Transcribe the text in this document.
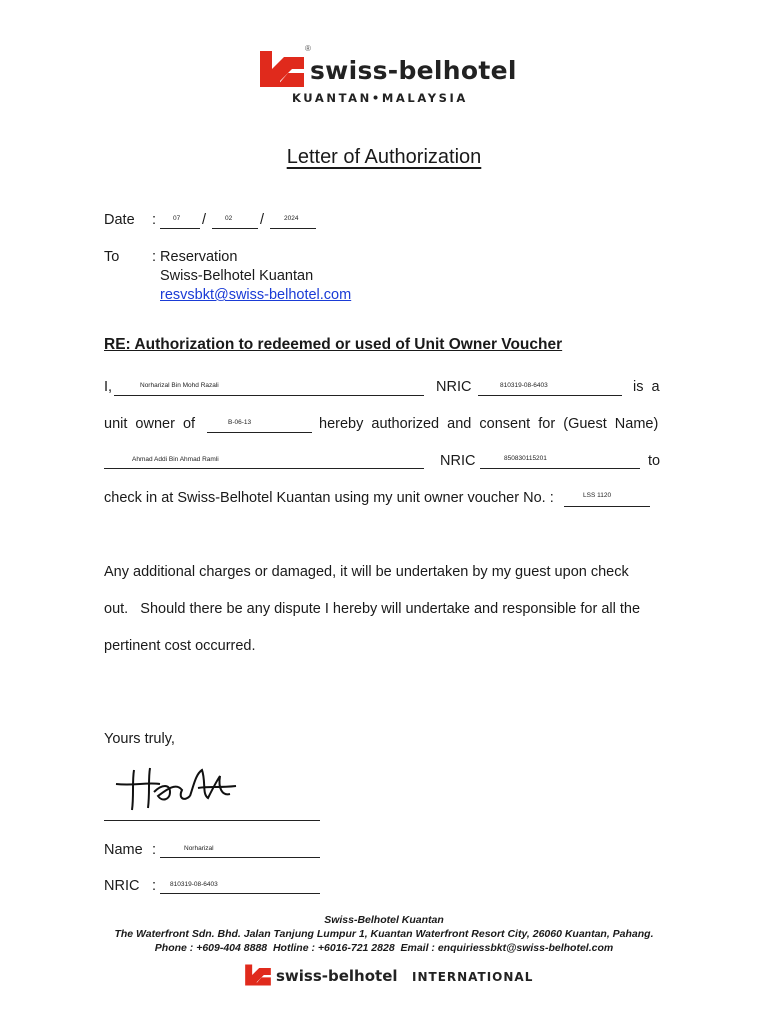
swiss-belhotel
®
KUANTAN•MALAYSIA
Letter of Authorization
Date :	07 /	02 /	2024
To : Reservation
Swiss-Belhotel Kuantan
resvsbkt@swiss-belhotel.com
RE: Authorization to redeemed or used of Unit Owner Voucher
I,	Norharizal Bin Mohd Razali	NRIC	810319-08-6403	is  a
unit  owner  of	B-06-13	hereby  authorized  and  consent  for  (Guest  Name)
Ahmad Addi Bin Ahmad Ramli	NRIC	850830115201	to
check in at Swiss-Belhotel Kuantan using my unit owner voucher No. :	LSS 1120
Any additional charges or damaged, it will be undertaken by my guest upon check
out.   Should there be any dispute I hereby will undertake and responsible for all the
pertinent cost occurred.
Yours truly,
Name :	Norharizal
NRIC : 810319-08-6403
Swiss-Belhotel Kuantan
The Waterfront Sdn. Bhd. Jalan Tanjung Lumpur 1, Kuantan Waterfront Resort City, 26060 Kuantan, Pahang.
Phone : +609-404 8888  Hotline : +6016-721 2828  Email : enquiriessbkt@swiss-belhotel.com
swiss-belhotel INTERNATIONAL
